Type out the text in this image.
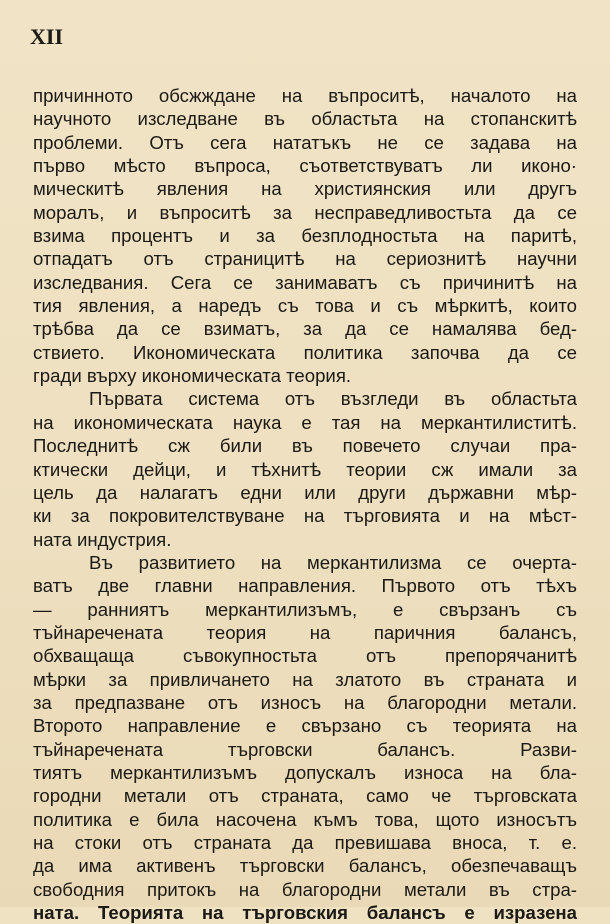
XII
причинното обсжждане на въпроситѣ, началото на
научното изследване въ областьта на стопанскитѣ
проблеми. Отъ сега нататъкъ не се задава на
първо мѣсто въпроса, съответствуватъ ли иконо·
мическитѣ явления на християнския или другъ
моралъ, и въпроситѣ за несправедливостьта да се
взима процентъ и за безплодностьта на паритѣ,
отпадатъ отъ страницитѣ на сериознитѣ научни
изследвания. Сега се занимаватъ съ причинитѣ на
тия явления, а наредъ съ това и съ мѣркитѣ, които
трѣбва да се взиматъ, за да се намалява бед-
ствието. Икономическата политика започва да се
гради върху икономическата теория.
Първата система отъ възгледи въ областьта
на икономическата наука е тая на меркантилиститѣ.
Последнитѣ сж били въ повечето случаи пра-
ктически дейци, и тѣхнитѣ теории сж имали за
цель да налагатъ едни или други държавни мѣр-
ки за покровителствуване на търговията и на мѣст-
ната индустрия.
Въ развитието на меркантилизма се очерта-
ватъ две главни направления. Първото отъ тѣхъ
— ранниятъ меркантилизъмъ, е свързанъ съ
тъйнаречената теория на паричния балансъ,
обхващаща съвокупностьта отъ препорячанитѣ
мѣрки за привличането на златото въ страната и
за предпазване отъ износъ на благородни метали.
Второто направление е свързано съ теорията на
тъйнаречената търговски балансъ. Разви-
тиятъ меркантилизъмъ допускалъ износа на бла-
городни метали отъ страната, само че търговската
политика е била насочена къмъ това, щото износътъ
на стоки отъ страната да превишава вноса, т. е.
да има активенъ търговски балансъ, обезпечаващъ
свободния притокъ на благородни метали въ стра-
ната. Теорията на търговския балансъ е изразена
